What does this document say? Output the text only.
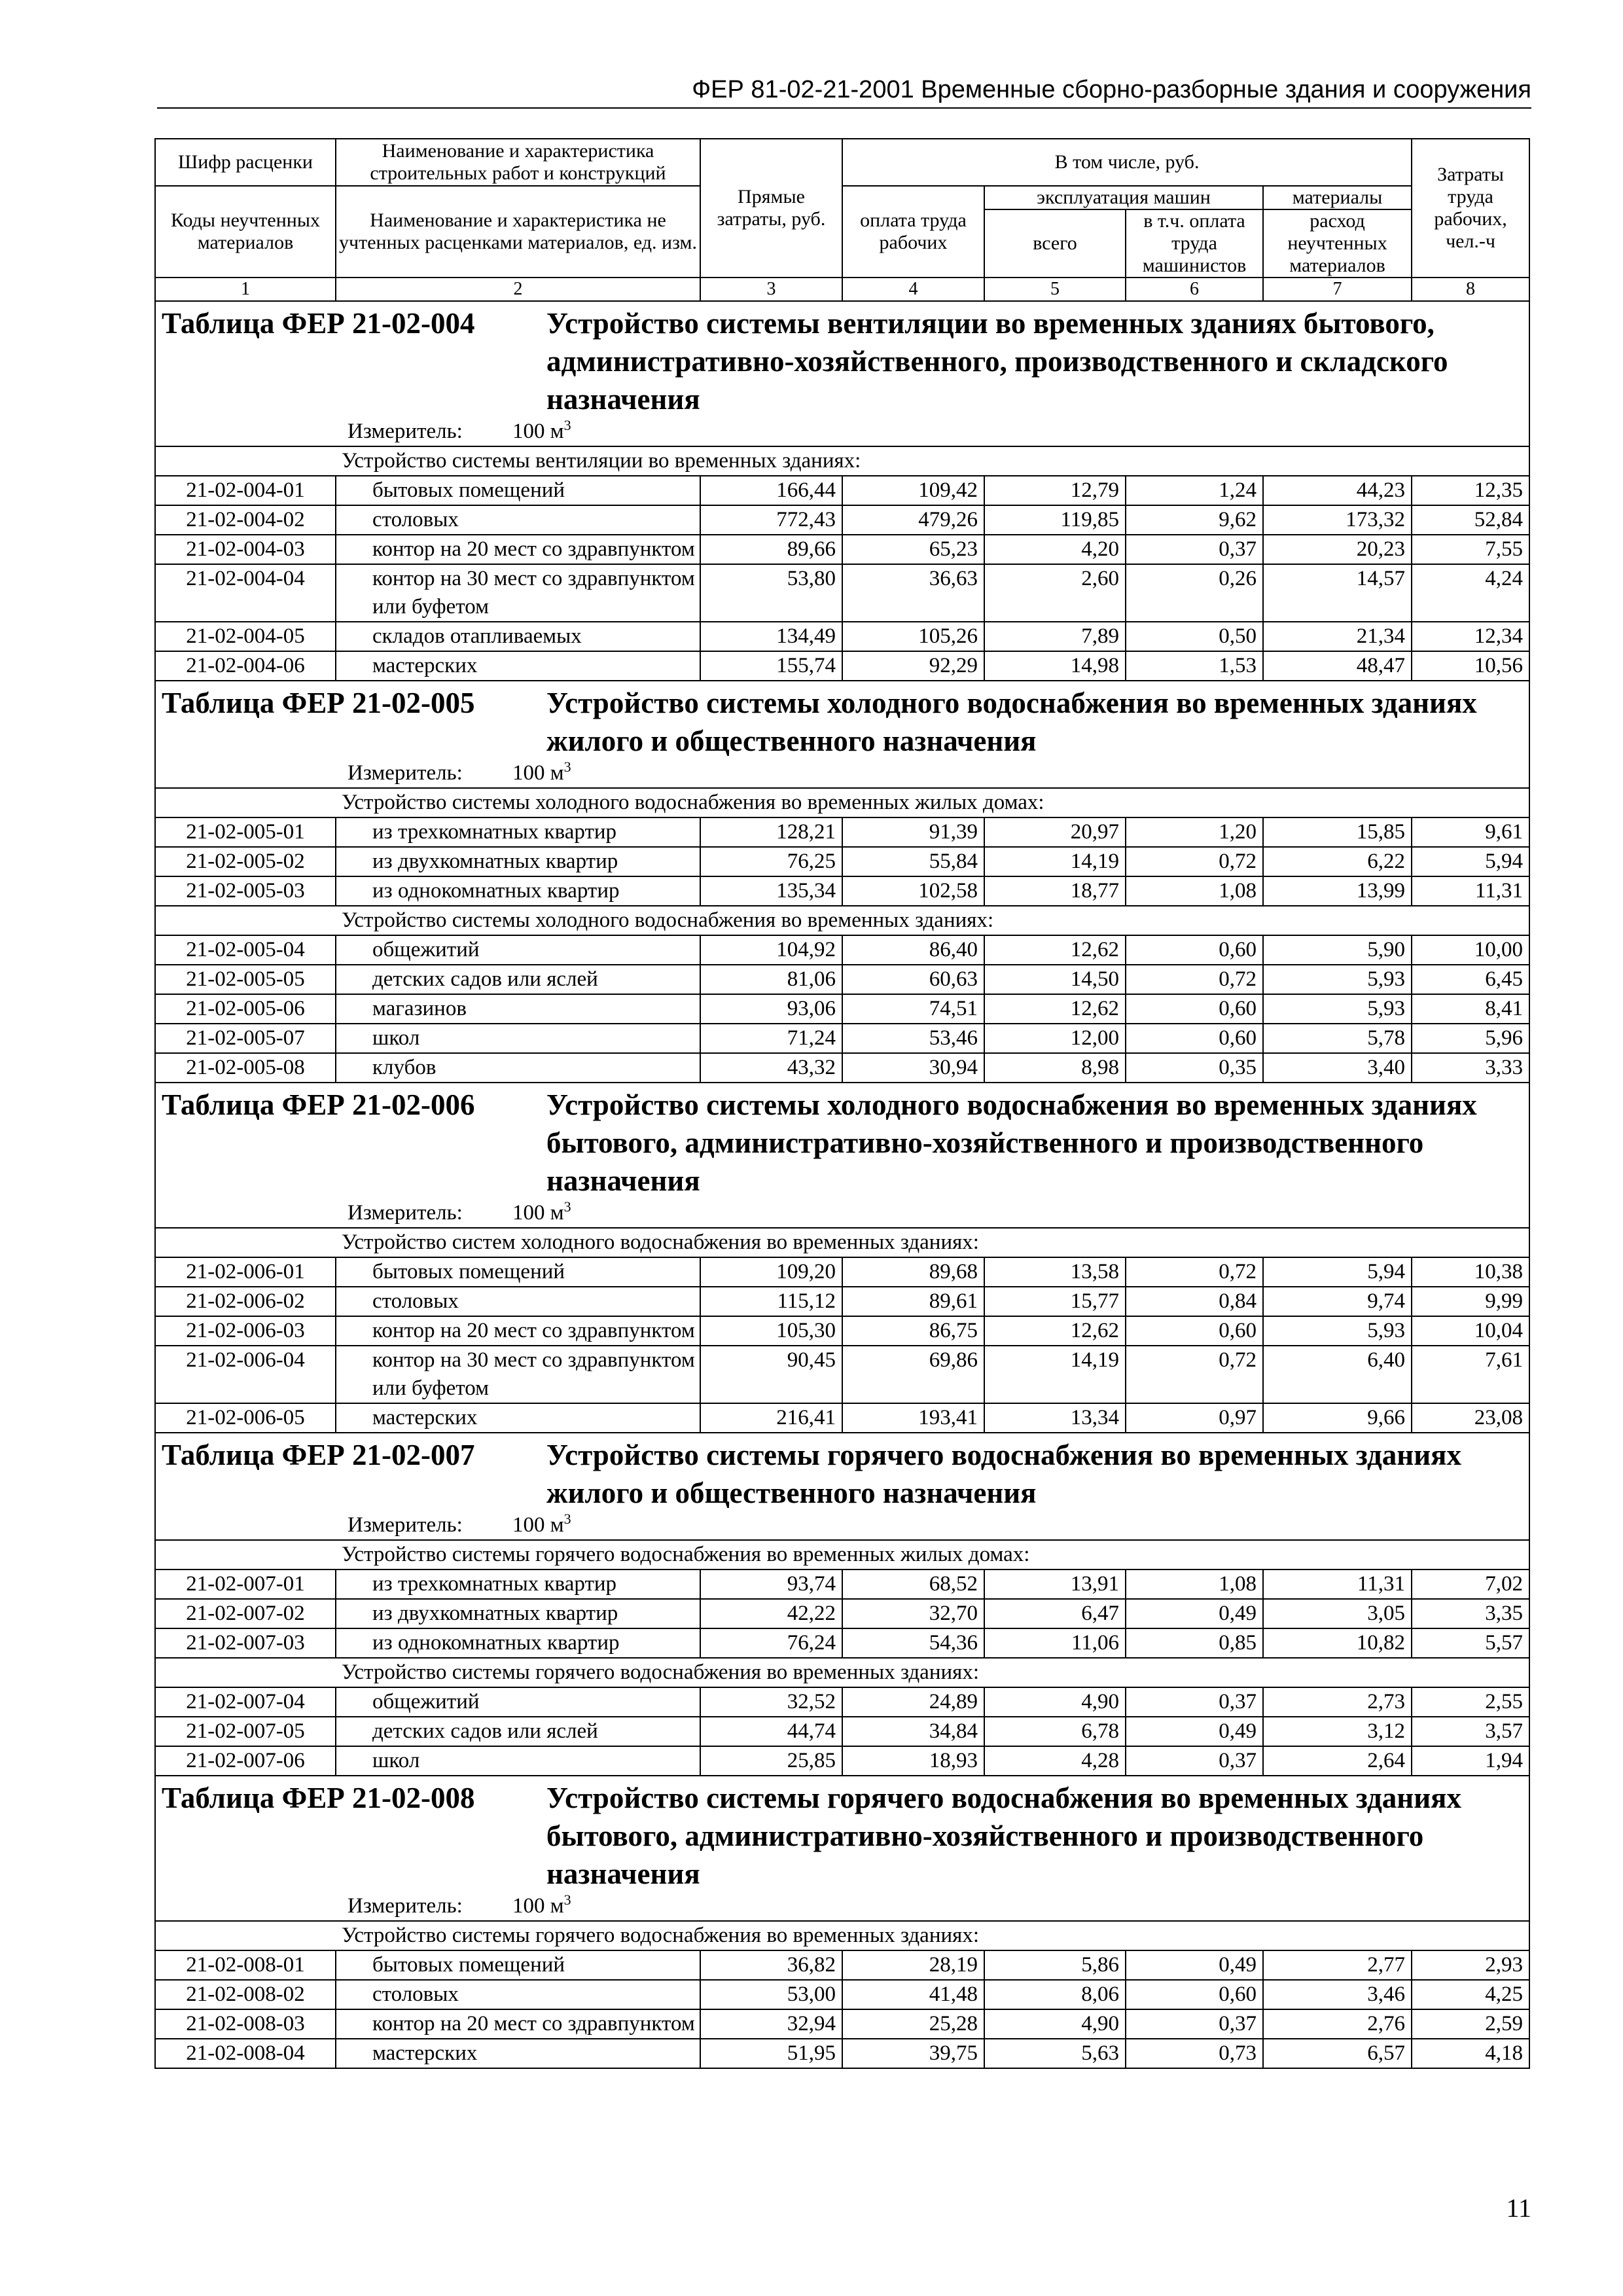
ФЕР 81-02-21-2001 Временные сборно-разборные здания и сооружения
Шифр расценки	Наименование и характеристика строительных работ и конструкций	Прямые затраты, руб.	В том числе, руб.				Затраты труда рабочих, чел.-ч
Коды неучтенных материалов	Наименование и характеристика не учтенных расценками материалов, ед. изм.		оплата труда рабочих	эксплуатация машин		материалы	
				всего	в т.ч. оплата труда машинистов	расход неучтенных материалов	
1	2	3	4	5	6	7	8

Таблица ФЕР 21-02-004 Устройство системы вентиляции во временных зданиях бытового, административно-хозяйственного, производственного и складского назначения							

Измеритель: 100 $м^3$

Устройство системы вентиляции во временных зданиях:							
21-02-004-01	бытовых помещений	166,44	109,42	12,79	1,24	44,23	12,35
21-02-004-02	столовых	772,43	479,26	119,85	9,62	173,32	52,84
21-02-004-03	контор на 20 мест со здравпунктом	89,66	65,23	4,20	0,37	20,23	7,55
21-02-004-04	контор на 30 мест со здравпунктом или буфетом	53,80	36,63	2,60	0,26	14,57	4,24
21-02-004-05	складов отапливаемых	134,49	105,26	7,89	0,50	21,34	12,34
21-02-004-06	мастерских	155,74	92,29	14,98	1,53	48,47	10,56

Таблица ФЕР 21-02-005 Устройство системы холодного водоснабжения во временных зданиях жилого и общественного назначения							

Измеритель: 100 $м^3$

Устройство системы холодного водоснабжения во временных жилых домах:							
21-02-005-01	из трехкомнатных квартир	128,21	91,39	20,97	1,20	15,85	9,61
21-02-005-02	из двухкомнатных квартир	76,25	55,84	14,19	0,72	6,22	5,94
21-02-005-03	из однокомнатных квартир	135,34	102,58	18,77	1,08	13,99	11,31
Устройство системы холодного водоснабжения во временных зданиях:							
21-02-005-04	общежитий	104,92	86,40	12,62	0,60	5,90	10,00
21-02-005-05	детских садов или яслей	81,06	60,63	14,50	0,72	5,93	6,45
21-02-005-06	магазинов	93,06	74,51	12,62	0,60	5,93	8,41
21-02-005-07	школ	71,24	53,46	12,00	0,60	5,78	5,96
21-02-005-08	клубов	43,32	30,94	8,98	0,35	3,40	3,33

Таблица ФЕР 21-02-006 Устройство системы холодного водоснабжения во временных зданиях бытового, административно-хозяйственного и производственного назначения							

Измеритель: 100 $м^3$

Устройство систем холодного водоснабжения во временных зданиях:							
21-02-006-01	бытовых помещений	109,20	89,68	13,58	0,72	5,94	10,38
21-02-006-02	столовых	115,12	89,61	15,77	0,84	9,74	9,99
21-02-006-03	контор на 20 мест со здравпунктом	105,30	86,75	12,62	0,60	5,93	10,04
21-02-006-04	контор на 30 мест со здравпунктом или буфетом	90,45	69,86	14,19	0,72	6,40	7,61
21-02-006-05	мастерских	216,41	193,41	13,34	0,97	9,66	23,08

Таблица ФЕР 21-02-007 Устройство системы горячего водоснабжения во временных зданиях жилого и общественного назначения							

Измеритель: 100 $м^3$

Устройство системы горячего водоснабжения во временных жилых домах:							
21-02-007-01	из трехкомнатных квартир	93,74	68,52	13,91	1,08	11,31	7,02
21-02-007-02	из двухкомнатных квартир	42,22	32,70	6,47	0,49	3,05	3,35
21-02-007-03	из однокомнатных квартир	76,24	54,36	11,06	0,85	10,82	5,57
Устройство системы горячего водоснабжения во временных зданиях:							
21-02-007-04	общежитий	32,52	24,89	4,90	0,37	2,73	2,55
21-02-007-05	детских садов или яслей	44,74	34,84	6,78	0,49	3,12	3,57
21-02-007-06	школ	25,85	18,93	4,28	0,37	2,64	1,94

Таблица ФЕР 21-02-008 Устройство системы горячего водоснабжения во временных зданиях бытового, административно-хозяйственного и производственного назначения							

Измеритель: 100 $м^3$

Устройство системы горячего водоснабжения во временных зданиях:							
21-02-008-01	бытовых помещений	36,82	28,19	5,86	0,49	2,77	2,93
21-02-008-02	столовых	53,00	41,48	8,06	0,60	3,46	4,25
21-02-008-03	контор на 20 мест со здравпунктом	32,94	25,28	4,90	0,37	2,76	2,59
21-02-008-04	мастерских	51,95	39,75	5,63	0,73	6,57	4,18
11
